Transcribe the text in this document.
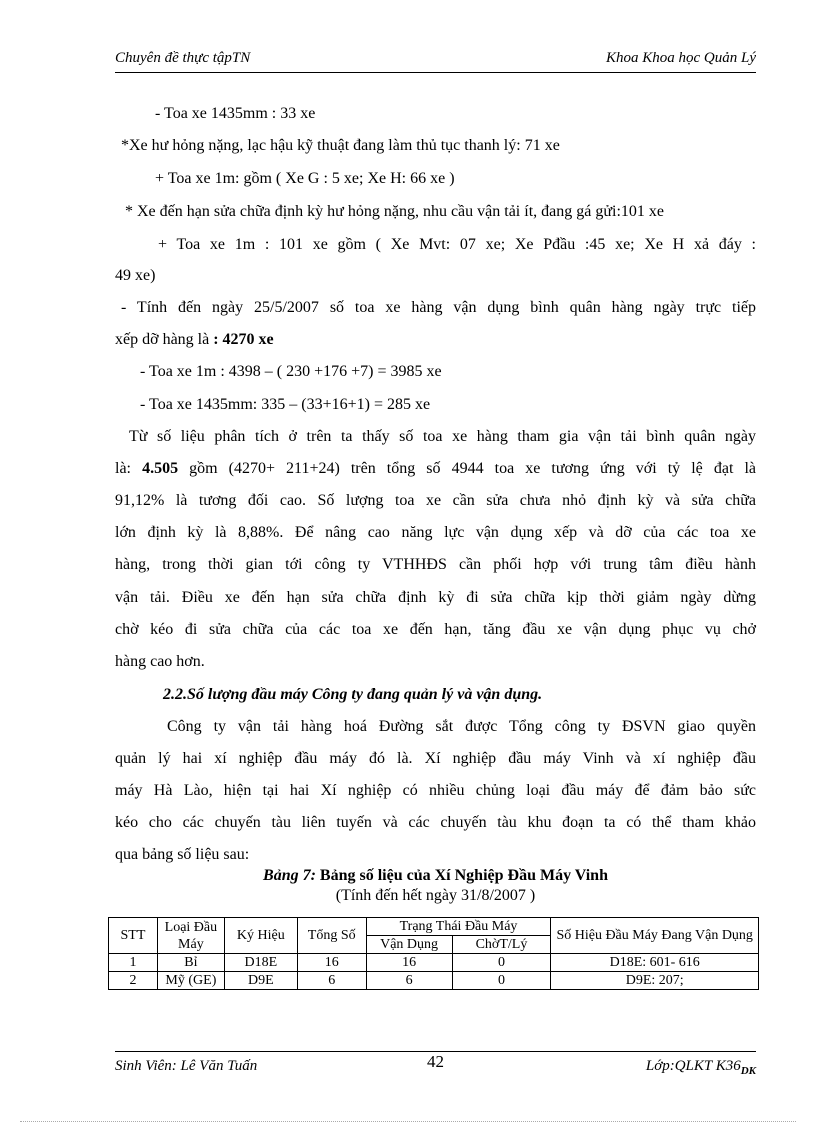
Chuyên đề thực tậpTN	Khoa Khoa học Quản Lý
- Toa xe 1435mm : 33 xe
*Xe hư hỏng nặng, lạc hậu kỹ thuật đang làm thủ tục thanh lý: 71 xe
+ Toa xe 1m: gồm ( Xe G : 5 xe; Xe H: 66 xe )
* Xe đến hạn sửa chữa định kỳ hư hỏng nặng, nhu cầu vận tải ít, đang gá gửi:101 xe
+ Toa xe 1m : 101 xe gồm ( Xe Mvt: 07 xe; Xe Pđầu :45 xe; Xe H xả đáy :
49 xe)
- Tính đến ngày 25/5/2007 số toa xe hàng vận dụng bình quân hàng ngày trực tiếp
xếp dỡ hàng là : 4270 xe
- Toa xe 1m : 4398 – ( 230 +176 +7) = 3985 xe
- Toa xe 1435mm: 335 – (33+16+1) = 285 xe
Từ số liệu phân tích ở trên ta thấy số toa xe hàng tham gia vận tải bình quân ngày
là: 4.505 gồm (4270+ 211+24) trên tổng số 4944 toa xe tương ứng với tỷ lệ đạt là
91,12% là tương đối cao. Số lượng toa xe cần sửa chưa nhỏ định kỳ và sửa chữa
lớn định kỳ là 8,88%. Để nâng cao năng lực vận dụng xếp và dỡ của các toa xe
hàng, trong thời gian tới công ty VTHHĐS cần phối hợp với trung tâm điều hành
vận tải. Điều xe đến hạn sửa chữa định kỳ đi sửa chữa kịp thời giảm ngày dừng
chờ kéo đi sửa chữa của các toa xe đến hạn, tăng đầu xe vận dụng phục vụ chở
hàng cao hơn.
2.2.Số lượng đầu máy Công ty đang quản lý và vận dụng.
Công ty vận tải hàng hoá Đường sắt được Tổng công ty ĐSVN giao quyền
quản lý hai xí nghiệp đầu máy đó là. Xí nghiệp đầu máy Vinh và xí nghiệp đầu
máy Hà Lào, hiện tại hai Xí nghiệp có nhiều chủng loại đầu máy để đảm bảo sức
kéo cho các chuyến tàu liên tuyến và các chuyến tàu khu đoạn ta có thể tham khảo
qua bảng số liệu sau:
Bảng 7: Bảng số liệu của Xí Nghiệp Đầu Máy Vinh
(Tính đến hết ngày 31/8/2007 )
STT	Loại Đầu Máy	Ký Hiệu	Tổng Số	Trạng Thái Đầu Máy		Số Hiệu Đầu Máy Đang Vận Dụng
				Vận Dụng	ChờT/Lý	
1	Bỉ	D18E	16	16	0	D18E: 601- 616
2	Mỹ (GE)	D9E	6	6	0	D9E: 207;
Sinh Viên: Lê Văn Tuấn	42	Lớp:QLKT $K36_{DK}$
